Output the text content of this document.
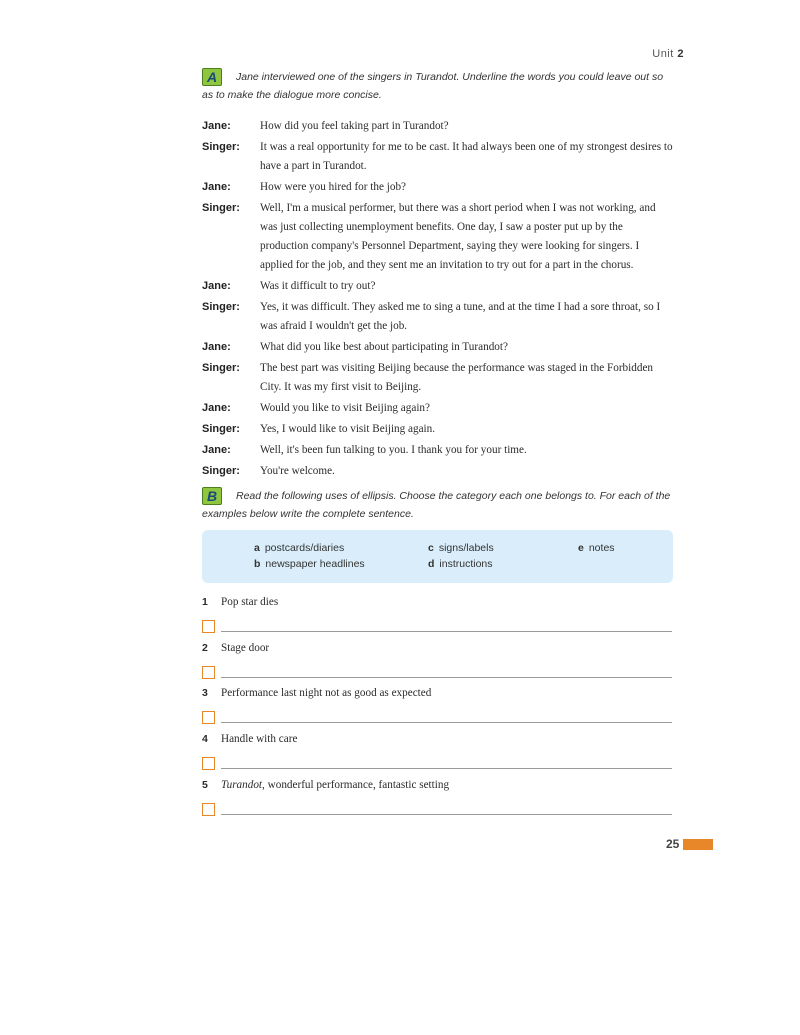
Unit 2
A Jane interviewed one of the singers in Turandot. Underline the words you could leave out so as to make the dialogue more concise.
Jane:	How did you feel taking part in Turandot?
Singer:	It was a real opportunity for me to be cast. It had always been one of my strongest desires to have a part in Turandot.
Jane:	How were you hired for the job?
Singer:	Well, I'm a musical performer, but there was a short period when I was not working, and was just collecting unemployment benefits. One day, I saw a poster put up by the production company's Personnel Department, saying they were looking for singers. I applied for the job, and they sent me an invitation to try out for a part in the chorus.
Jane:	Was it difficult to try out?
Singer:	Yes, it was difficult. They asked me to sing a tune, and at the time I had a sore throat, so I was afraid I wouldn't get the job.
Jane:	What did you like best about participating in Turandot?
Singer:	The best part was visiting Beijing because the performance was staged in the Forbidden City. It was my first visit to Beijing.
Jane:	Would you like to visit Beijing again?
Singer:	Yes, I would like to visit Beijing again.
Jane:	Well, it's been fun talking to you. I thank you for your time.
Singer:	You're welcome.
B Read the following uses of ellipsis. Choose the category each one belongs to. For each of the examples below write the complete sentence.
a postcards/diaries
b newspaper headlines
c signs/labels
d instructions
e notes
1	Pop star dies
2	Stage door
3	Performance last night not as good as expected
4	Handle with care
5	Turandot, wonderful performance, fantastic setting
25
